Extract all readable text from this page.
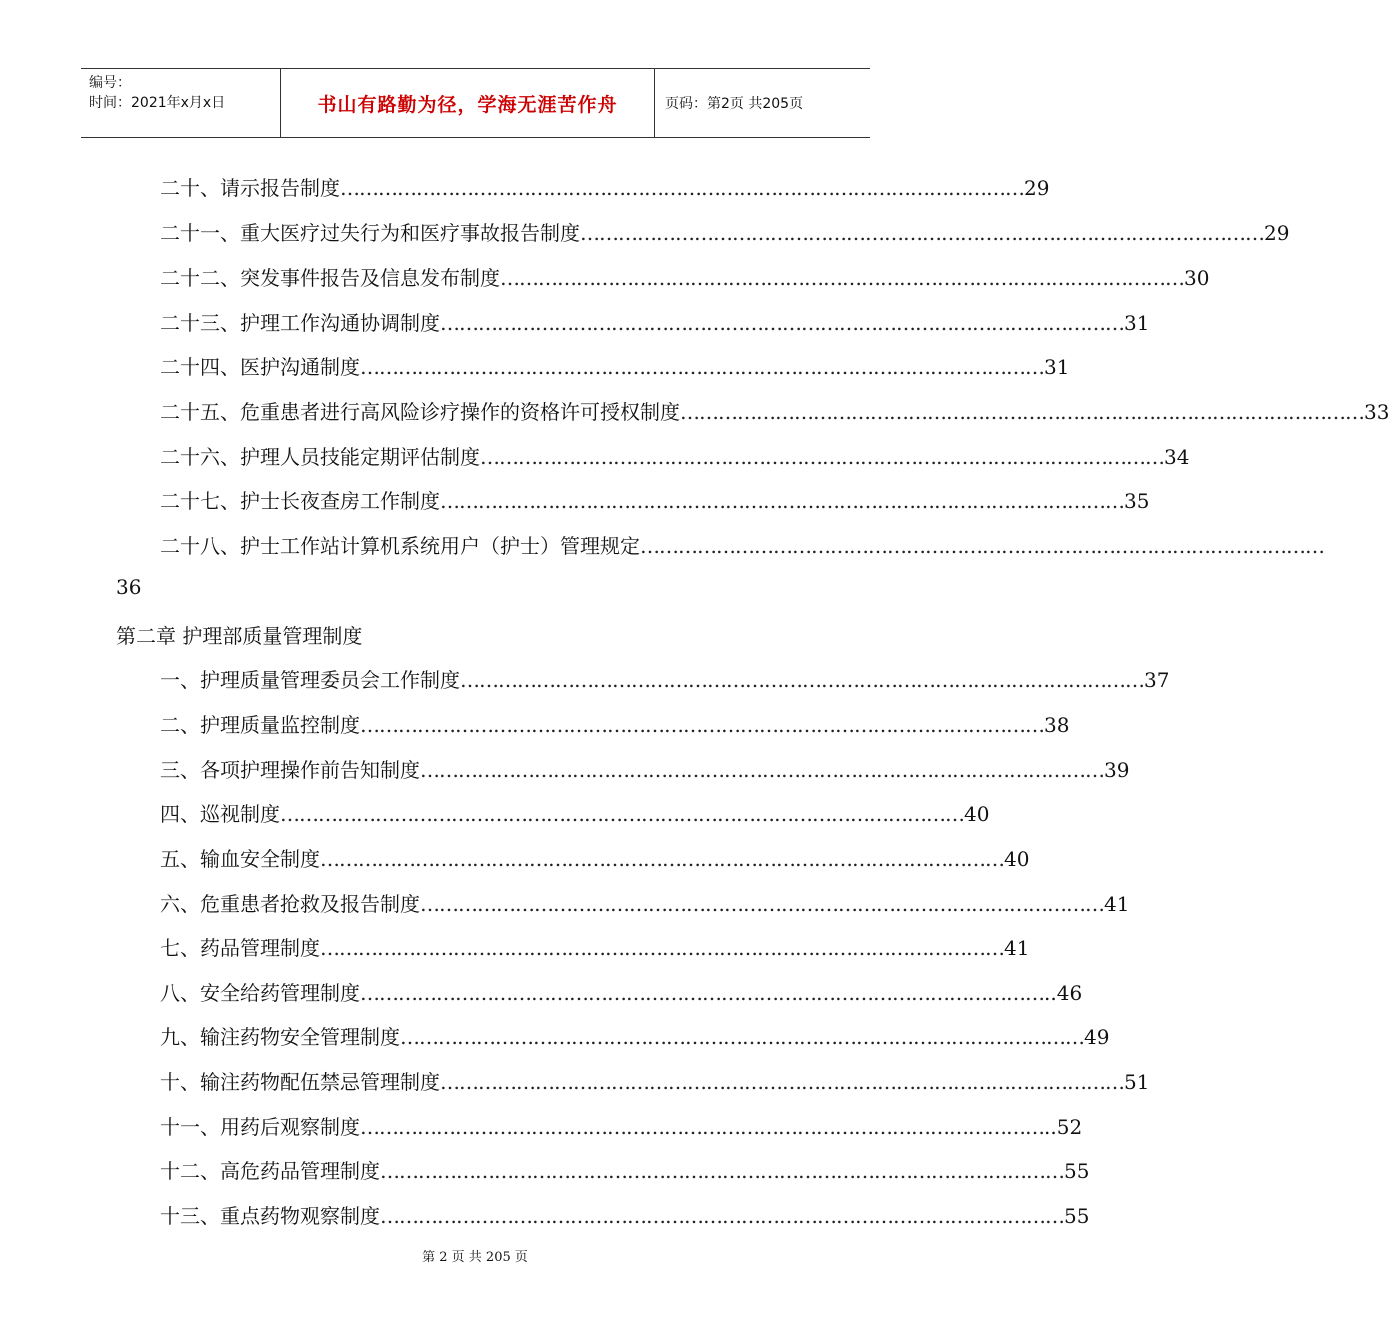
编号：
时间：2021年x月x日	书山有路勤为径，学海无涯苦作舟	页码：第2页 共205页
二十、请示报告制度 ……………………………………………………………………………………………… 29
二十一、重大医疗过失行为和医疗事故报告制度 ……………………………………………………………………………………………… 29
二十二、突发事件报告及信息发布制度 ……………………………………………………………………………………………… 30
二十三、护理工作沟通协调制度 ……………………………………………………………………………………………… 31
二十四、医护沟通制度 ……………………………………………………………………………………………… 31
二十五、危重患者进行高风险诊疗操作的资格许可授权制度 ……………………………………………………………………………………………… 33
二十六、护理人员技能定期评估制度 ……………………………………………………………………………………………… 34
二十七、护士长夜查房工作制度 ……………………………………………………………………………………………… 35
二十八、护士工作站计算机系统用户（护士）管理规定 ………………………………………………………………………………………………
36
第二章 护理部质量管理制度
一、护理质量管理委员会工作制度 ……………………………………………………………………………………………… 37
二、护理质量监控制度 ……………………………………………………………………………………………… 38
三、各项护理操作前告知制度 ……………………………………………………………………………………………… 39
四、巡视制度 ……………………………………………………………………………………………… 40
五、输血安全制度 ……………………………………………………………………………………………… 40
六、危重患者抢救及报告制度 ……………………………………………………………………………………………… 41
七、药品管理制度 ……………………………………………………………………………………………… 41
八、安全给药管理制度 ……………………………………………………………………………………………… ..46
九、输注药物安全管理制度 ……………………………………………………………………………………………… 49
十、输注药物配伍禁忌管理制度 ……………………………………………………………………………………………… 51
十一、用药后观察制度 ……………………………………………………………………………………………… ..52
十二、高危药品管理制度 ……………………………………………………………………………………………… 55
十三、重点药物观察制度 ……………………………………………………………………………………………… 55
第 2 页 共 205 页
